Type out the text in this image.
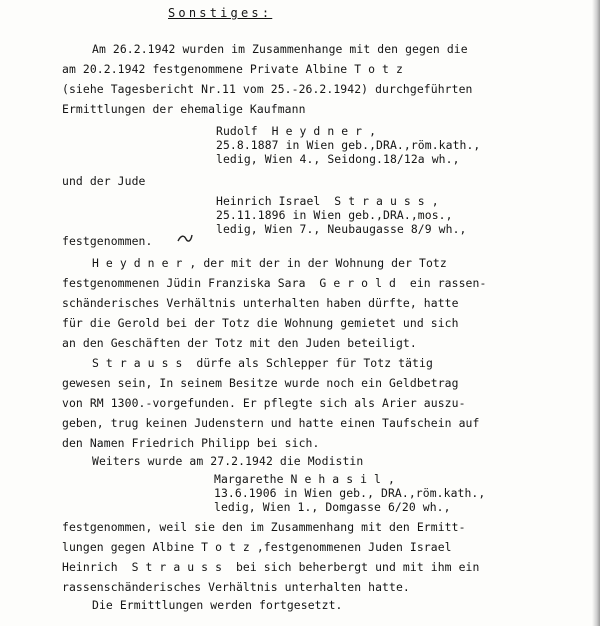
Sonstiges:
Am 26.2.1942 wurden im Zusammenhange mit den gegen die
am 20.2.1942 festgenommene Private Albine T o t z
(siehe Tagesbericht Nr.11 vom 25.-26.2.1942) durchgeführten
Ermittlungen der ehemalige Kaufmann
Rudolf  H e y d n e r ,
25.8.1887 in Wien geb.,DRA.,röm.kath.,
ledig, Wien 4., Seidong.18/12a wh.,
und der Jude
Heinrich Israel  S t r a u s s ,
25.11.1896 in Wien geb.,DRA.,mos.,
ledig, Wien 7., Neubaugasse 8/9 wh.,
festgenommen.
H e y d n e r , der mit der in der Wohnung der Totz
festgenommenen Jüdin Franziska Sara  G e r o l d  ein rassen-
schänderisches Verhältnis unterhalten haben dürfte, hatte
für die Gerold bei der Totz die Wohnung gemietet und sich
an den Geschäften der Totz mit den Juden beteiligt.
S t r a u s s  dürfe als Schlepper für Totz tätig
gewesen sein, In seinem Besitze wurde noch ein Geldbetrag
von RM 1300.-vorgefunden. Er pflegte sich als Arier auszu-
geben, trug keinen Judenstern und hatte einen Taufschein auf
den Namen Friedrich Philipp bei sich.
Weiters wurde am 27.2.1942 die Modistin
Margarethe N e h a s i l ,
13.6.1906 in Wien geb., DRA.,röm.kath.,
ledig, Wien 1., Domgasse 6/20 wh.,
festgenommen, weil sie den im Zusammenhang mit den Ermitt-
lungen gegen Albine T o t z ,festgenommenen Juden Israel
Heinrich  S t r a u s s  bei sich beherbergt und mit ihm ein
rassenschänderisches Verhältnis unterhalten hatte.
Die Ermittlungen werden fortgesetzt.
